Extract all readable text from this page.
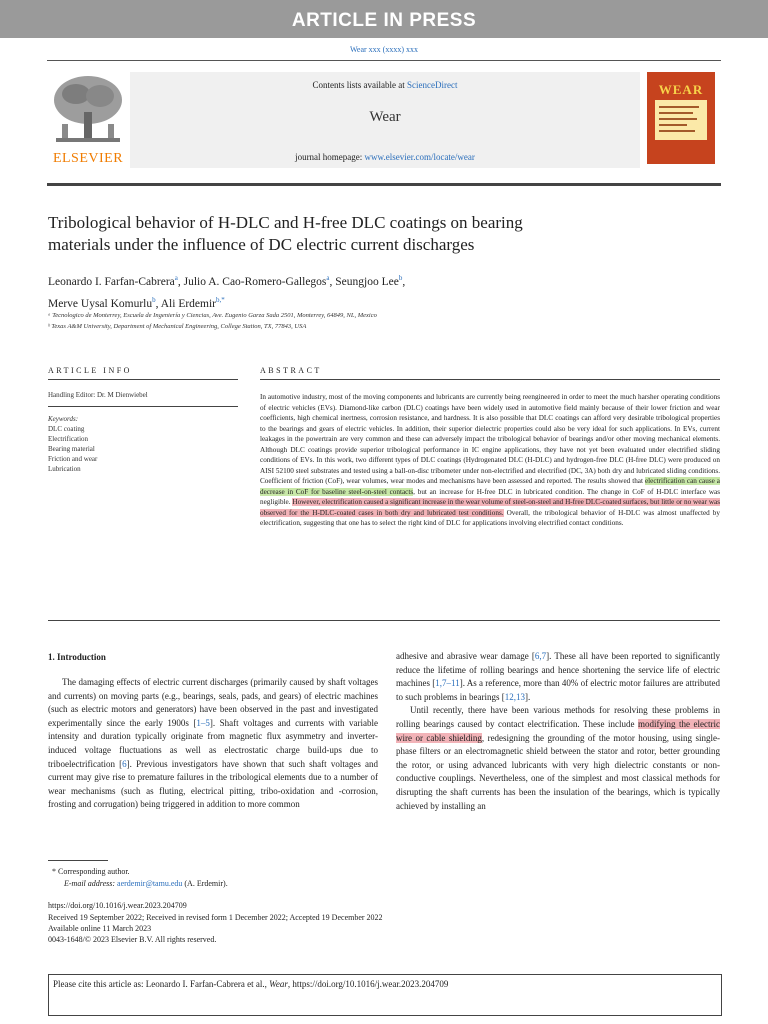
ARTICLE IN PRESS
Wear xxx (xxxx) xxx
ELSEVIER
Contents lists available at ScienceDirect
Wear
journal homepage: www.elsevier.com/locate/wear
WEAR
Tribological behavior of H-DLC and H-free DLC coatings on bearing
materials under the influence of DC electric current discharges
Leonardo I. Farfan-Cabrera$^a$, Julio A. Cao-Romero-Gallegos$^a$, Seungjoo Lee$^b$,
Merve Uysal Komurlu$^b$, Ali Erdemir$^{b,*}$
ᵃ Tecnologico de Monterrey, Escuela de Ingeniería y Ciencias, Ave. Eugenio Garza Sada 2501, Monterrey, 64849, NL, Mexico
ᵇ Texas A&M University, Department of Mechanical Engineering, College Station, TX, 77843, USA
ARTICLE INFO
Handling Editor: Dr. M Dienwiebel
Keywords:
DLC coating
Electrification
Bearing material
Friction and wear
Lubrication
ABSTRACT
In automotive industry, most of the moving components and lubricants are currently being reengineered in order to meet the much harsher operating conditions of electric vehicles (EVs). Diamond-like carbon (DLC) coatings have been widely used in automotive field mainly because of their lower friction and wear coefficients, high chemical inertness, corrosion resistance, and hardness. It is also possible that DLC coatings can afford very desirable tribological properties to the bearings and gears of electric vehicles. In addition, their superior dielectric properties could also be very ideal for such applications. In EVs, current leakages in the powertrain are very common and these can adversely impact the tribological behavior of bearings and/or other moving mechanical elements. Although DLC coatings provide superior tribological performance in IC engine applications, they have not yet been evaluated under electrified sliding conditions of EVs. In this work, two different types of DLC coatings (Hydrogenated DLC (H-DLC) and hydrogen-free DLC (H-free DLC) were produced on AISI 52100 steel substrates and tested using a ball-on-disc tribometer under non-electrified and electrified (DC, 3A) both dry and lubricated sliding conditions. Coefficient of friction (CoF), wear volumes, wear modes and mechanisms have been assessed and reported. The results showed that electrification can cause a decrease in CoF for baseline steel-on-steel contacts, but an increase for H-free DLC in lubricated condition. The change in CoF of H-DLC interface was negligible. However, electrification caused a significant increase in the wear volume of steel-on-steel and H-free DLC-coated surfaces, but little or no wear was observed for the H-DLC-coated cases in both dry and lubricated test conditions. Overall, the tribological behavior of H-DLC was almost unaffected by electrification, suggesting that one has to select the right kind of DLC for applications involving electrified contact conditions.
1. Introduction
The damaging effects of electric current discharges (primarily caused by shaft voltages and currents) on moving parts (e.g., bearings, seals, pads, and gears) of electric machines (such as electric motors and generators) have been observed in the past and investigated experimentally since the early 1900s [1–5]. Shaft voltages and currents with variable intensity and duration typically originate from magnetic flux asymmetry and inverter-induced voltage fluctuations as well as electrostatic charge build-ups due to triboelectrification [6]. Previous investigators have shown that such shaft voltages and current may give rise to premature failures in the tribological elements due to a number of wear mechanisms (such as fluting, electrical pitting, tribo-oxidation and -corrosion, frosting and corrugation) being triggered in addition to more common
adhesive and abrasive wear damage [6,7]. These all have been reported to significantly reduce the lifetime of rolling bearings and hence shortening the service life of electric machines [1,7–11]. As a reference, more than 40% of electric motor failures are attributed to such problems in bearings [12,13].
Until recently, there have been various methods for resolving these problems in rolling bearings caused by contact electrification. These include modifying the electric wire or cable shielding, redesigning the grounding of the motor housing, using single-phase filters or an electromagnetic shield between the stator and rotor, better grounding the rotor, or using advanced lubricants with very high dielectric constants or non-conductive couplings. Nevertheless, one of the simplest and most classical methods for disrupting the shaft currents has been the insulation of the bearings, which is typically achieved by installing an
* Corresponding author.
E-mail address: aerdemir@tamu.edu (A. Erdemir).
https://doi.org/10.1016/j.wear.2023.204709
Received 19 September 2022; Received in revised form 1 December 2022; Accepted 19 December 2022
Available online 11 March 2023
0043-1648/© 2023 Elsevier B.V. All rights reserved.
Please cite this article as: Leonardo I. Farfan-Cabrera et al., Wear, https://doi.org/10.1016/j.wear.2023.204709
